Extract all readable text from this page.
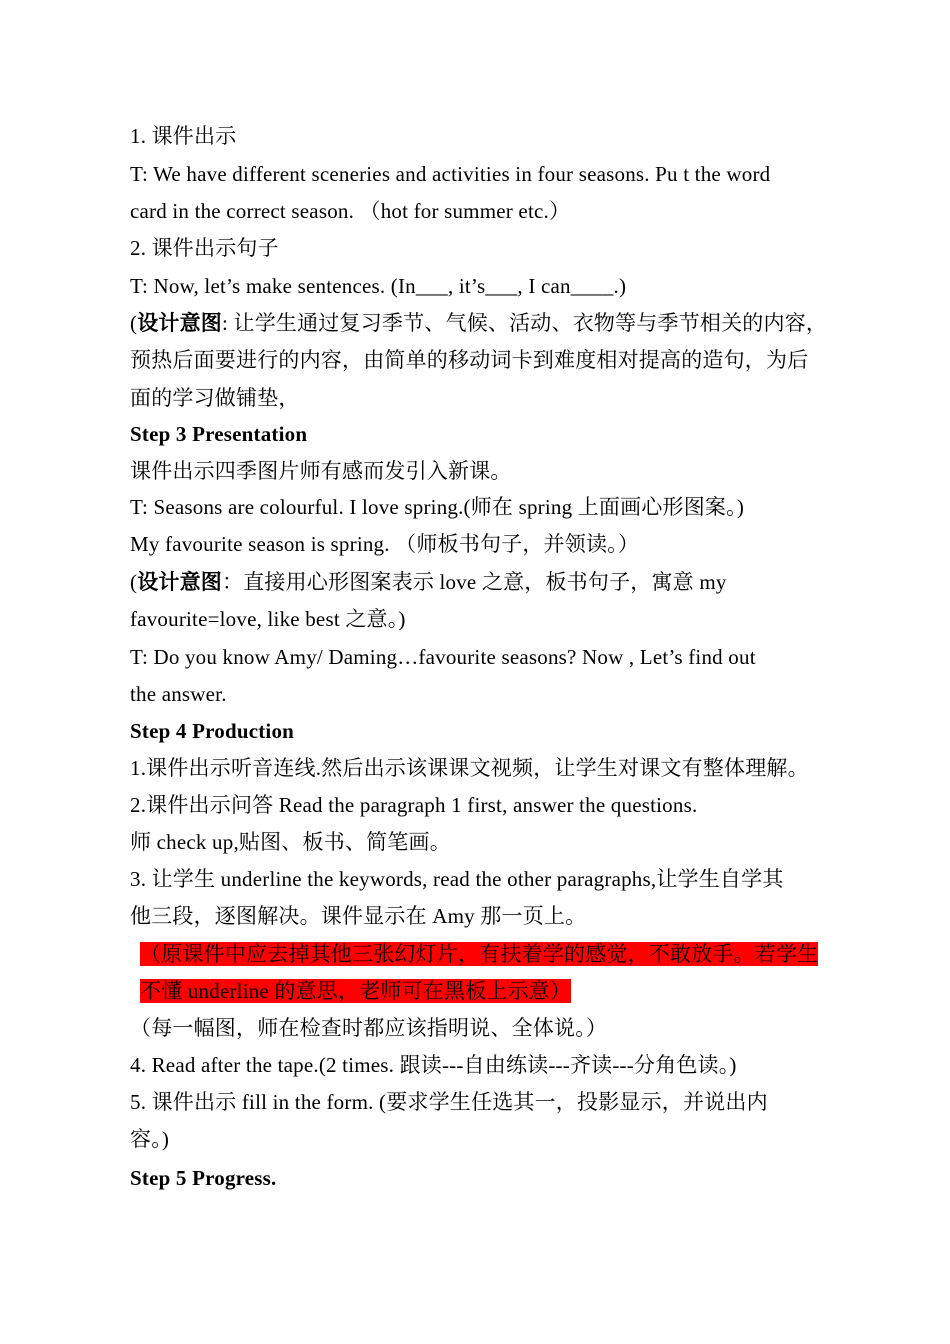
1. 课件出示
T: We have different sceneries and activities in four seasons. Pu t the word
card in the correct season. （hot for summer etc.）
2. 课件出示句子
T: Now, let’s make sentences. (In___, it’s___, I can____.)
(设计意图: 让学生通过复习季节、气候、活动、衣物等与季节相关的内容，
预热后面要进行的内容，由简单的移动词卡到难度相对提高的造句，为后
面的学习做铺垫，
Step 3 Presentation
课件出示四季图片师有感而发引入新课。
T: Seasons are colourful. I love spring.(师在 spring 上面画心形图案。)
My favourite season is spring. （师板书句子，并领读。）
(设计意图：直接用心形图案表示 love 之意，板书句子，寓意 my
favourite=love, like best 之意。)
T: Do you know Amy/ Daming…favourite seasons? Now , Let’s find out
the answer.
Step 4 Production
1.课件出示听音连线.然后出示该课课文视频，让学生对课文有整体理解。
2.课件出示问答 Read the paragraph 1 first, answer the questions.
师 check up,贴图、板书、简笔画。
3. 让学生 underline the keywords, read the other paragraphs,让学生自学其
他三段，逐图解决。课件显示在 Amy 那一页上。
（原课件中应去掉其他三张幻灯片，有扶着学的感觉，不敢放手。若学生
不懂 underline 的意思，老师可在黑板上示意）
（每一幅图，师在检查时都应该指明说、全体说。）
4. Read after the tape.(2 times. 跟读---自由练读---齐读---分角色读。)
5. 课件出示 fill in the form. (要求学生任选其一，投影显示，并说出内
容。)
Step 5 Progress.
